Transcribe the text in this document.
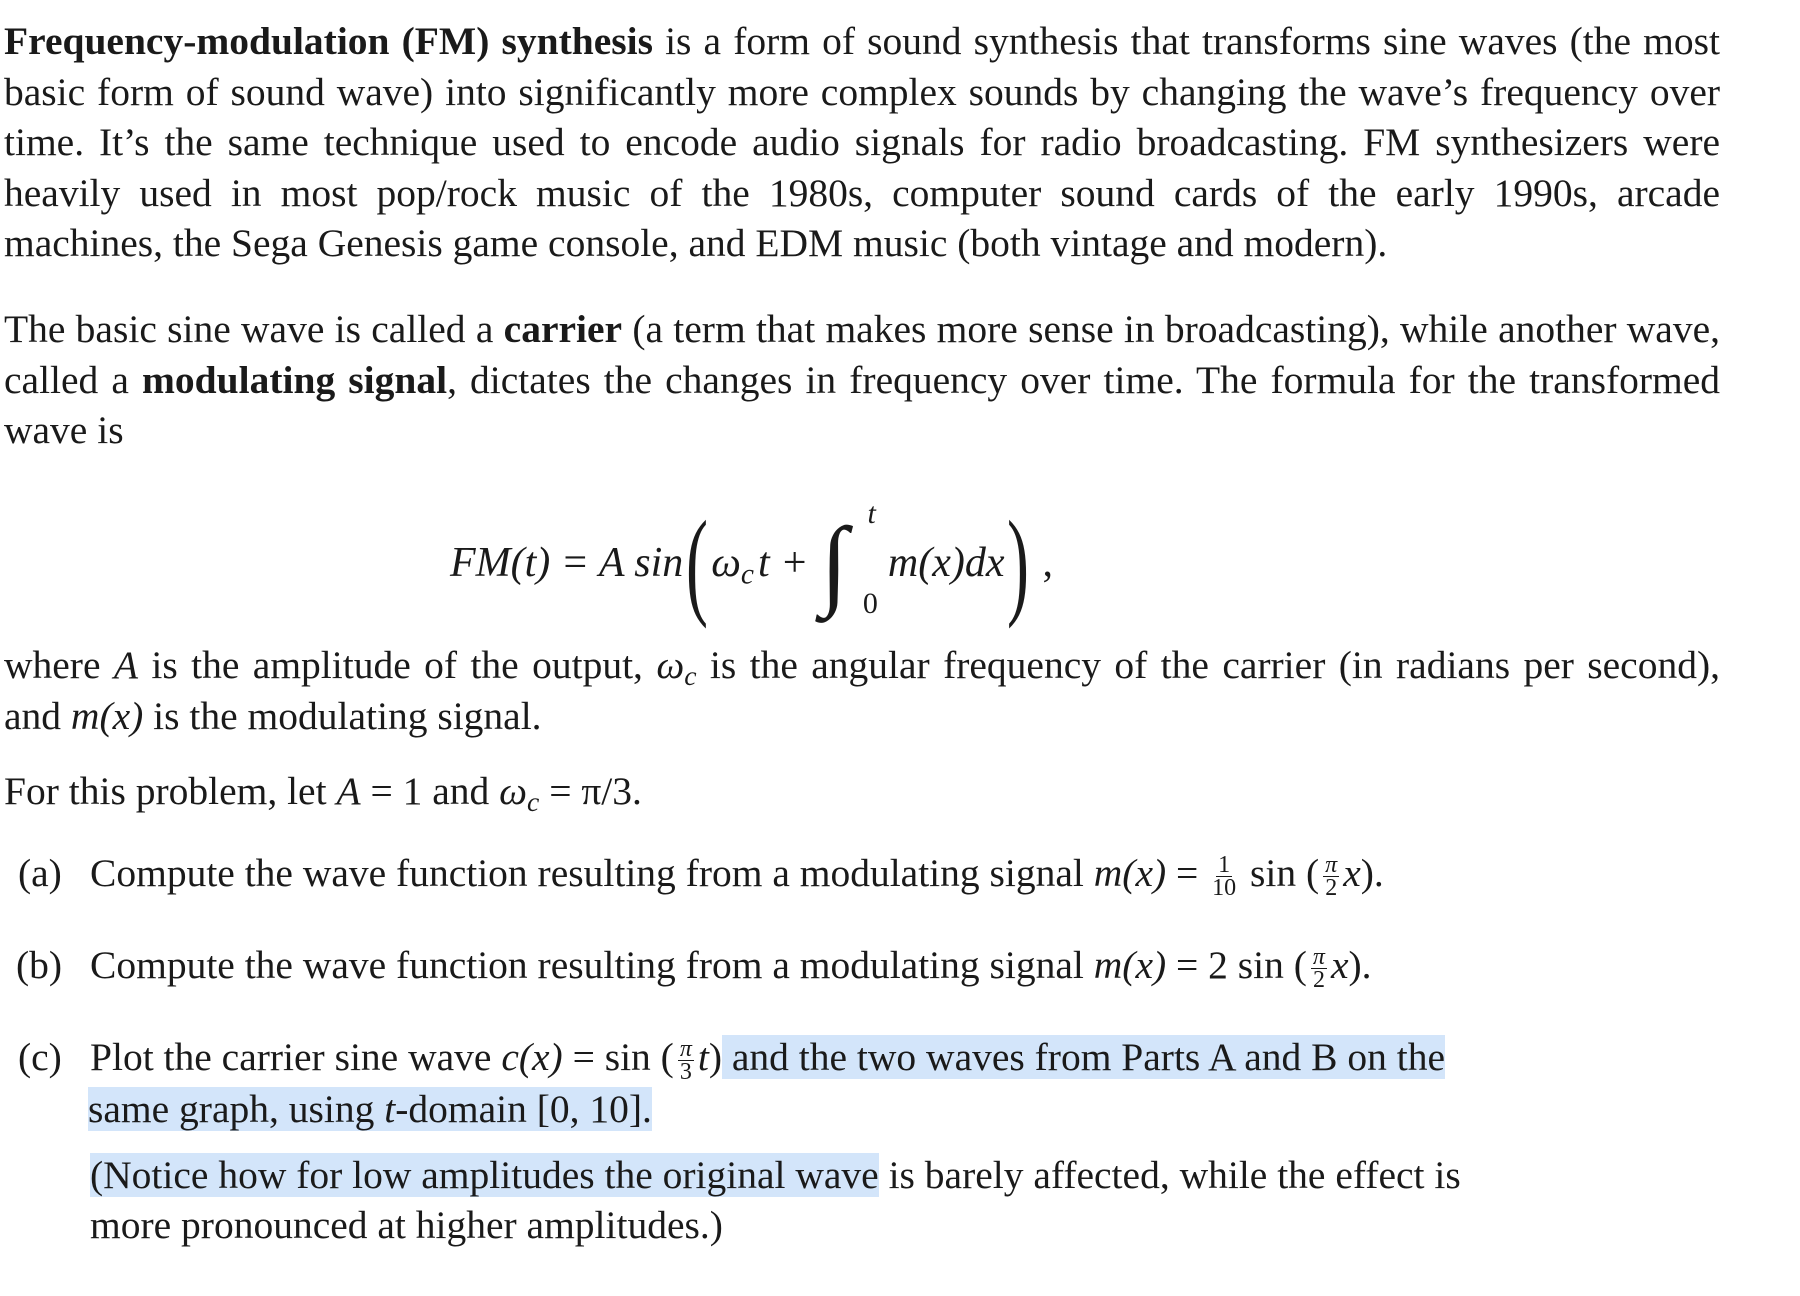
Frequency-modulation (FM) synthesis is a form of sound synthesis that transforms sine waves (the most basic form of sound wave) into significantly more complex sounds by changing the wave’s frequency over time. It’s the same technique used to encode audio signals for radio broadcasting. FM synthesizers were heavily used in most pop/rock music of the 1980s, computer sound cards of the early 1990s, arcade machines, the Sega Genesis game console, and EDM music (both vintage and modern).
The basic sine wave is called a carrier (a term that makes more sense in broadcasting), while another wave, called a modulating signal, dictates the changes in frequency over time. The formula for the transformed wave is
FM(t) = A sin ( $\omega_c$ t + ∫ t
0
m(x)dx ) ,
where A is the amplitude of the output, $\omega_c$ is the angular frequency of the carrier (in radians per second), and m(x) is the modulating signal.
For this problem, let A = 1 and $\omega_c = \pi/3$.
(a) Compute the wave function resulting from a modulating signal $m(x) = \frac{1}{10}$ sin ( $\frac{\pi}{2} x$).
(b) Compute the wave function resulting from a modulating signal m(x) = 2 sin ( $\frac{\pi}{2} x$).
(c) Plot the carrier sine wave c(x) = sin ( $\frac{\pi}{3} t$) and the two waves from Parts A and B on the
same graph, using t-domain [0, 10].
(Notice how for low amplitudes the original wave is barely affected, while the effect is
more pronounced at higher amplitudes.)
